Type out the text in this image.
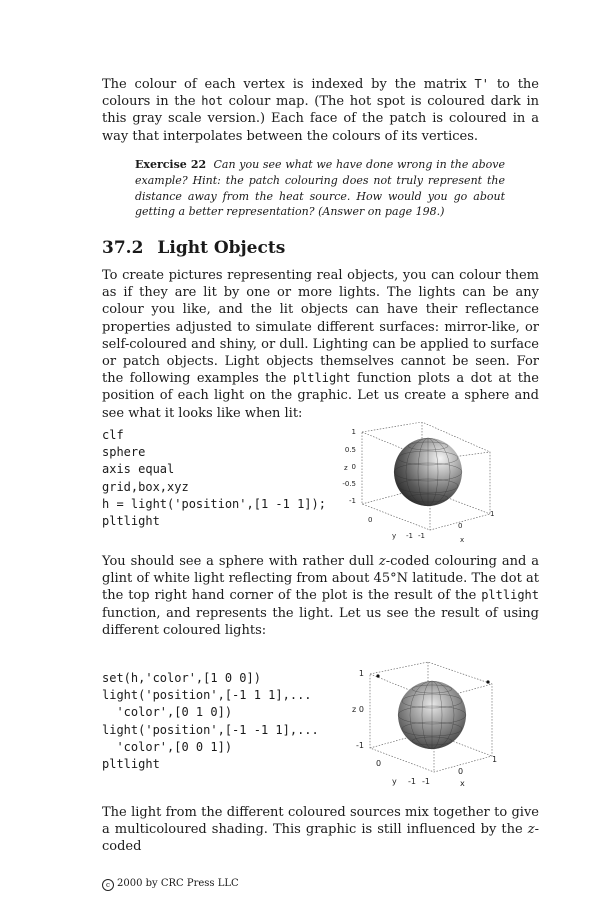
The colour of each vertex is indexed by the matrix T' to the colours in the hot colour map. (The hot spot is coloured dark in this gray scale version.) Each face of the patch is coloured in a way that interpolates between the colours of its vertices.

Exercise 22 Can you see what we have done wrong in the above example? Hint: the patch colouring does not truly represent the distance away from the heat source. How would you go about getting a better representation? (Answer on page 198.)

37.2 Light Objects

To create pictures representing real objects, you can colour them as if they are lit by one or more lights. The lights can be any colour you like, and the lit objects can have their reflectance properties adjusted to simulate different surfaces: mirror-like, or self-coloured and shiny, or dull. Lighting can be applied to surface or patch objects. Light objects themselves cannot be seen. For the following examples the pltlight function plots a dot at the position of each light on the graphic. Let us create a sphere and see what it looks like when lit:

clf
sphere
axis equal
grid,box,xyz
h = light('position',[1 -1 1]);
pltlight
1
0.5
0
-0.5
-1
z
0
y -1 -1
0
1
x

You should see a sphere with rather dull z-coded colouring and a glint of white light reflecting from about 45°N latitude. The dot at the top right hand corner of the plot is the result of the pltlight function, and represents the light. Let us see the result of using different coloured lights:

set(h,'color',[1 0 0])
light('position',[-1 1 1],...
'color',[0 1 0])
light('position',[-1 -1 1],...
'color',[0 0 1])
pltlight
1
0
-1
z
0
y -1 -1
0
1
x

The light from the different coloured sources mix together to give a multicoloured shading. This graphic is still influenced by the z-coded

c 2000 by CRC Press LLC
